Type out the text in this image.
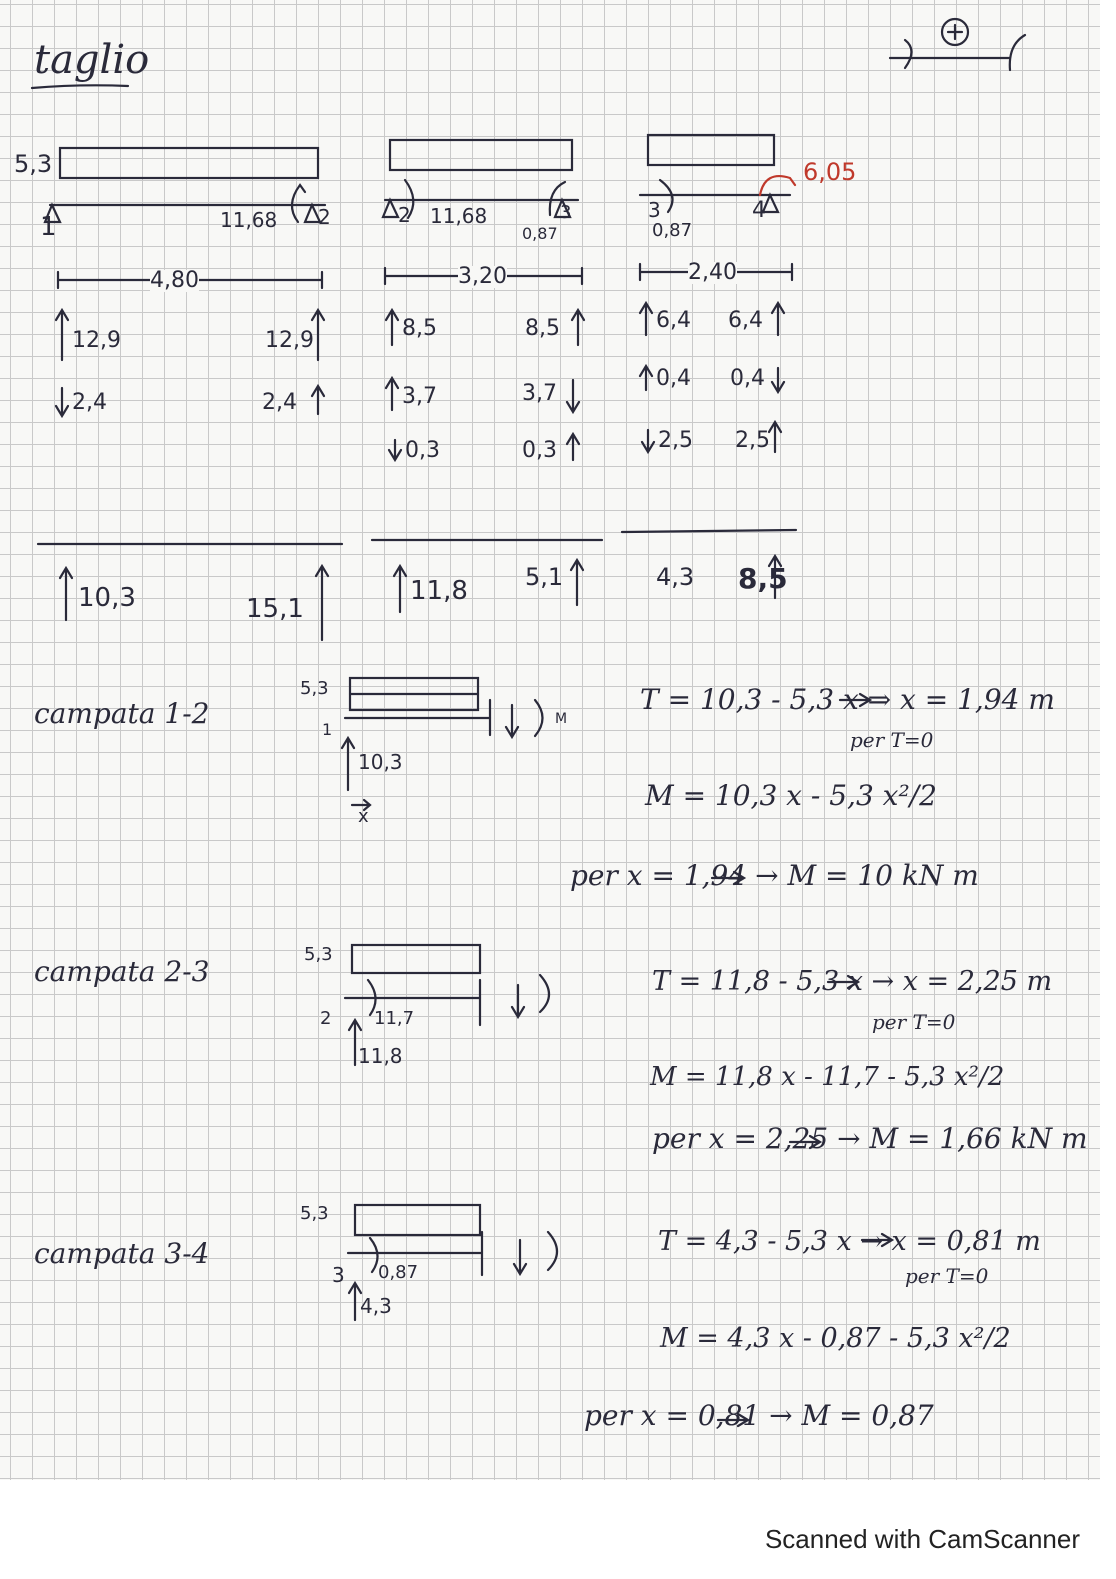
taglio
5,3	6,05
1	11,68 2
4,80
12,9	12,9
2,4	2,4
10,3	15,1
2 11,68	3
0,87
3,20
8,5	8,5
3,7	3,7
0,3	0,3
11,8 5,1
3	4
0,87
2,40
6,4 6,4
0,4 0,4
2,5 2,5
4,3 8,5
campata 1-2
5,3
1
10,3
x
M
T = 10,3 - 5,3 x ⇒ x = 1,94 m
per T=0
M = 10,3 x - 5,3 x²/2
per x = 1,94 → M = 10 kN m
campata 2-3
5,3
2 11,7
11,8
T = 11,8 - 5,3 x → x = 2,25 m
per T=0
M = 11,8 x - 11,7 - 5,3 x²/2
per x = 2,25 → M = 1,66 kN m
campata 3-4
5,3
3 0,87
4,3
T = 4,3 - 5,3 x → x = 0,81 m
per T=0
M = 4,3 x - 0,87 - 5,3 x²/2
per x = 0,81 → M = 0,87
Scanned with CamScanner
